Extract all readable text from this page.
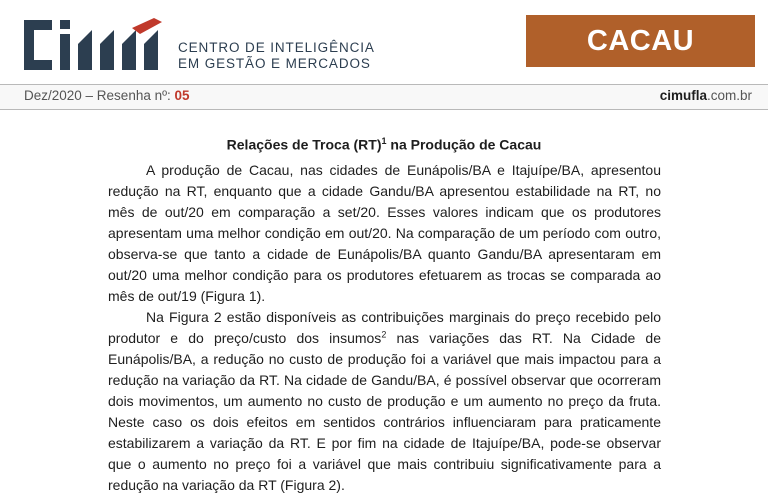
CENTRO DE INTELIGÊNCIA
EM GESTÃO E MERCADOS
CACAU
Dez/2020 – Resenha nº: 05	cimufla.com.br
Relações de Troca (RT)$^1$ na Produção de Cacau

A produção de Cacau, nas cidades de Eunápolis/BA e Itajuípe/BA, apresentou redução na RT, enquanto que a cidade Gandu/BA apresentou estabilidade na RT, no mês de out/20 em comparação a set/20. Esses valores indicam que os produtores apresentam uma melhor condição em out/20. Na comparação de um período com outro, observa-se que tanto a cidade de Eunápolis/BA quanto Gandu/BA apresentaram em out/20 uma melhor condição para os produtores efetuarem as trocas se comparada ao mês de out/19 (Figura 1).

Na Figura 2 estão disponíveis as contribuições marginais do preço recebido pelo produtor e do preço/custo dos insumos$^2$ nas variações das RT. Na Cidade de Eunápolis/BA, a redução no custo de produção foi a variável que mais impactou para a redução na variação da RT. Na cidade de Gandu/BA, é possível observar que ocorreram dois movimentos, um aumento no custo de produção e um aumento no preço da fruta. Neste caso os dois efeitos em sentidos contrários influenciaram para praticamente estabilizarem a variação da RT. E por fim na cidade de Itajuípe/BA, pode-se observar que o aumento no preço foi a variável que mais contribuiu significativamente para a redução na variação da RT (Figura 2).
